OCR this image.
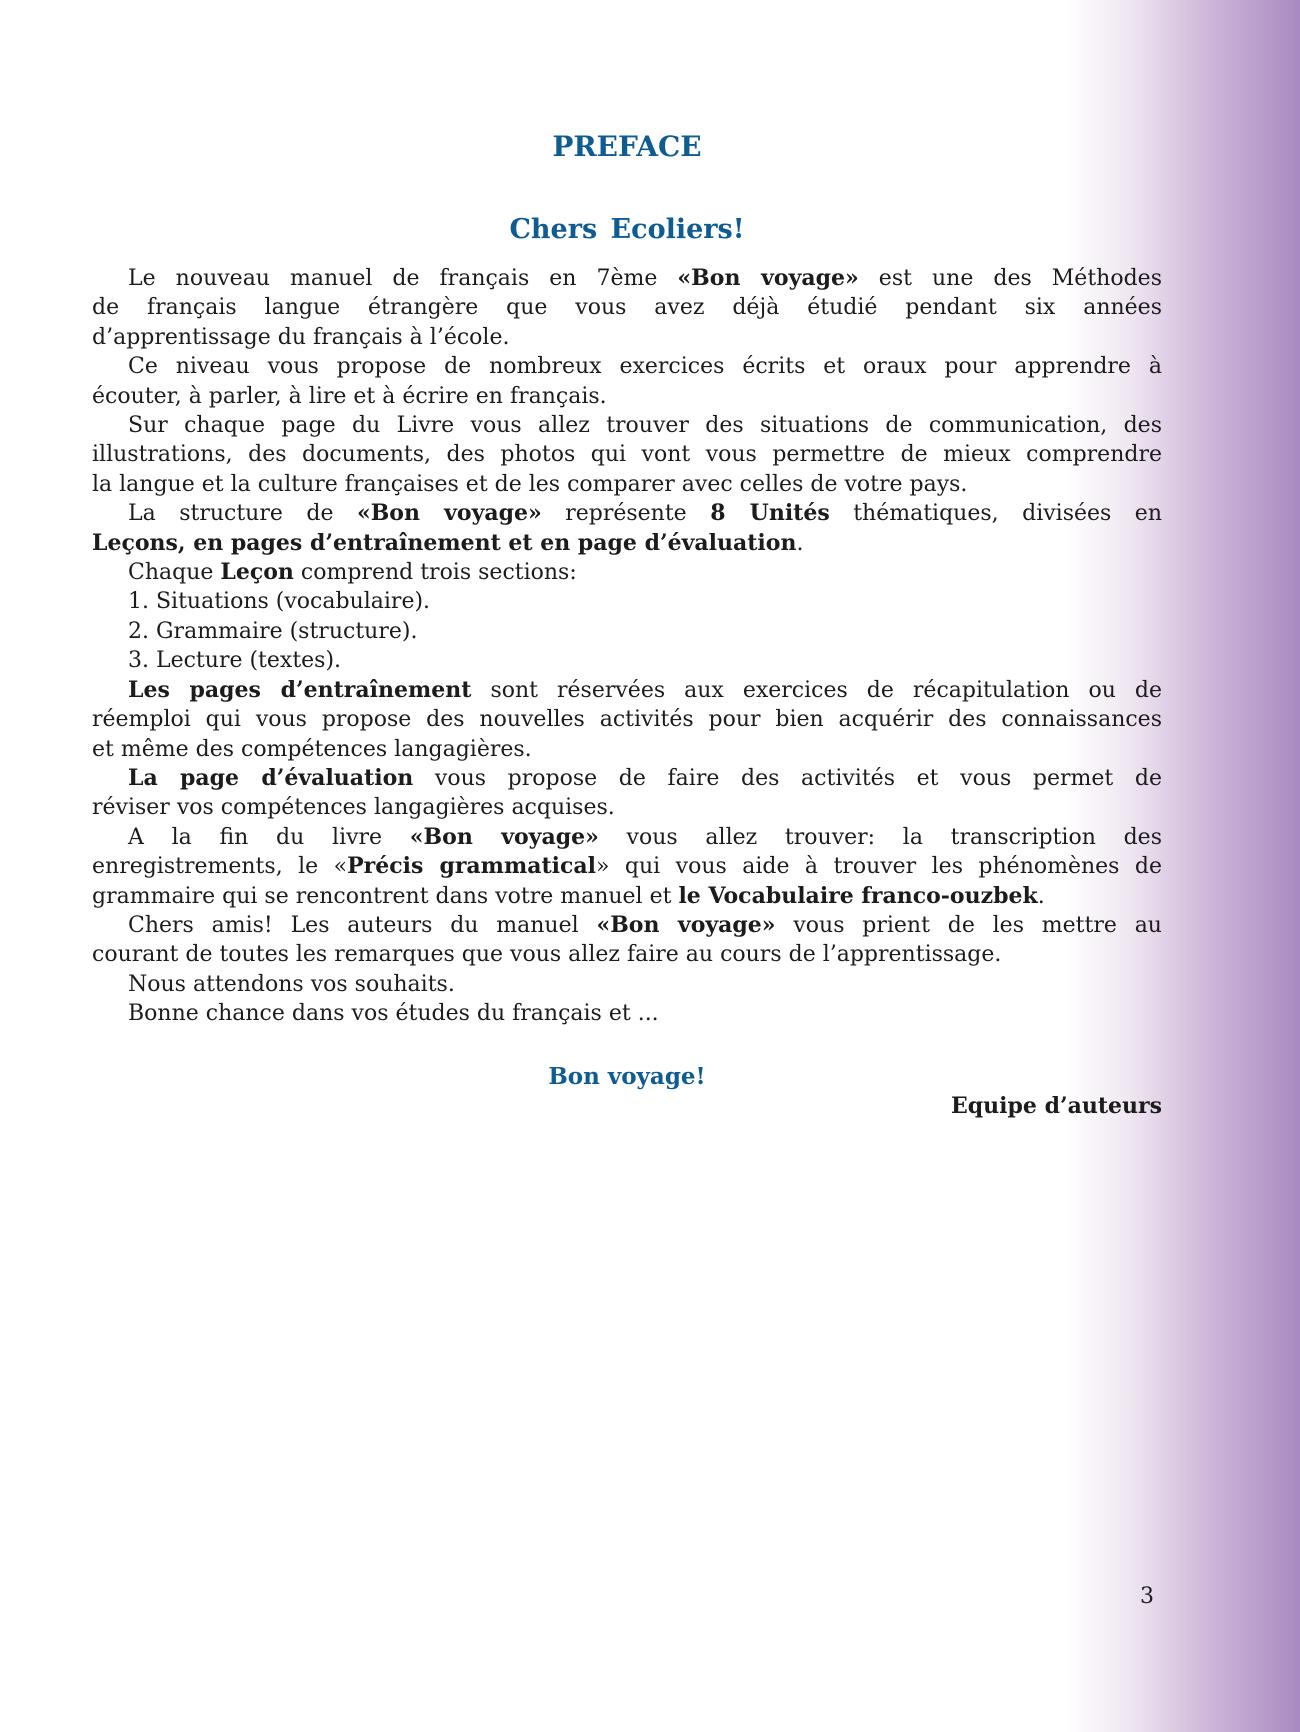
PREFACE
Chers Ecoliers!

Le nouveau manuel de français en 7ème «Bon voyage» est une des Méthodes

de français langue étrangère que vous avez déjà étudié pendant six années

d’apprentissage du français à l’école.

Ce niveau vous propose de nombreux exercices écrits et oraux pour apprendre à

écouter, à parler, à lire et à écrire en français.

Sur chaque page du Livre vous allez trouver des situations de communication, des

illustrations, des documents, des photos qui vont vous permettre de mieux comprendre

la langue et la culture françaises et de les comparer avec celles de votre pays.

La structure de «Bon voyage» représente 8 Unités thématiques, divisées en

Leçons, en pages d’entraînement et en page d’évaluation.

Chaque Leçon comprend trois sections:

1. Situations (vocabulaire).

2. Grammaire (structure).

3. Lecture (textes).

Les pages d’entraînement sont réservées aux exercices de récapitulation ou de

réemploi qui vous propose des nouvelles activités pour bien acquérir des connaissances

et même des compétences langagières.

La page d’évaluation vous propose de faire des activités et vous permet de

réviser vos compétences langagières acquises.

A la fin du livre «Bon voyage» vous allez trouver: la transcription des

enregistrements, le «Précis grammatical» qui vous aide à trouver les phénomènes de

grammaire qui se rencontrent dans votre manuel et le Vocabulaire franco-ouzbek.

Chers amis! Les auteurs du manuel «Bon voyage» vous prient de les mettre au

courant de toutes les remarques que vous allez faire au cours de l’apprentissage.

Nous attendons vos souhaits.

Bonne chance dans vos études du français et ...

Bon voyage!

Equipe d’auteurs

3
